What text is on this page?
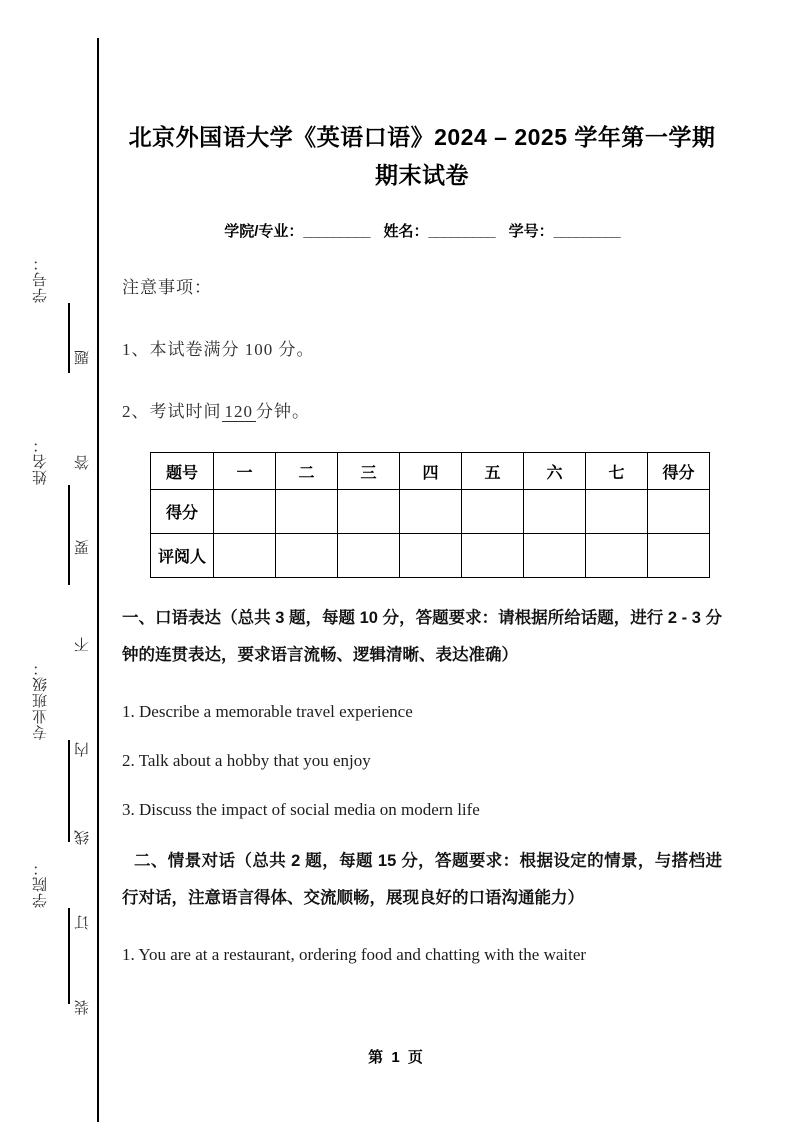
学号：
姓名：
专业班级：
学院：
题
答
要
不
内
线
订
装
北京外国语大学《英语口语》2024 – 2025 学年第一学期期末试卷
学院/专业：_________ 姓名：_________ 学号：_________

注意事项：

1、本试卷满分 100 分。

2、考试时间 120 分钟。

题号	一	二	三	四	五	六	七	得分
得分								
评阅人								

一、口语表达（总共 3 题，每题 10 分，答题要求：请根据所给话题，进行 2 - 3 分钟的连贯表达，要求语言流畅、逻辑清晰、表达准确）

1. Describe a memorable travel experience

2. Talk about a hobby that you enjoy

3. Discuss the impact of social media on modern life

二、情景对话（总共 2 题，每题 15 分，答题要求：根据设定的情景，与搭档进行对话，注意语言得体、交流顺畅，展现良好的口语沟通能力）

1. You are at a restaurant, ordering food and chatting with the waiter

第 1 页
